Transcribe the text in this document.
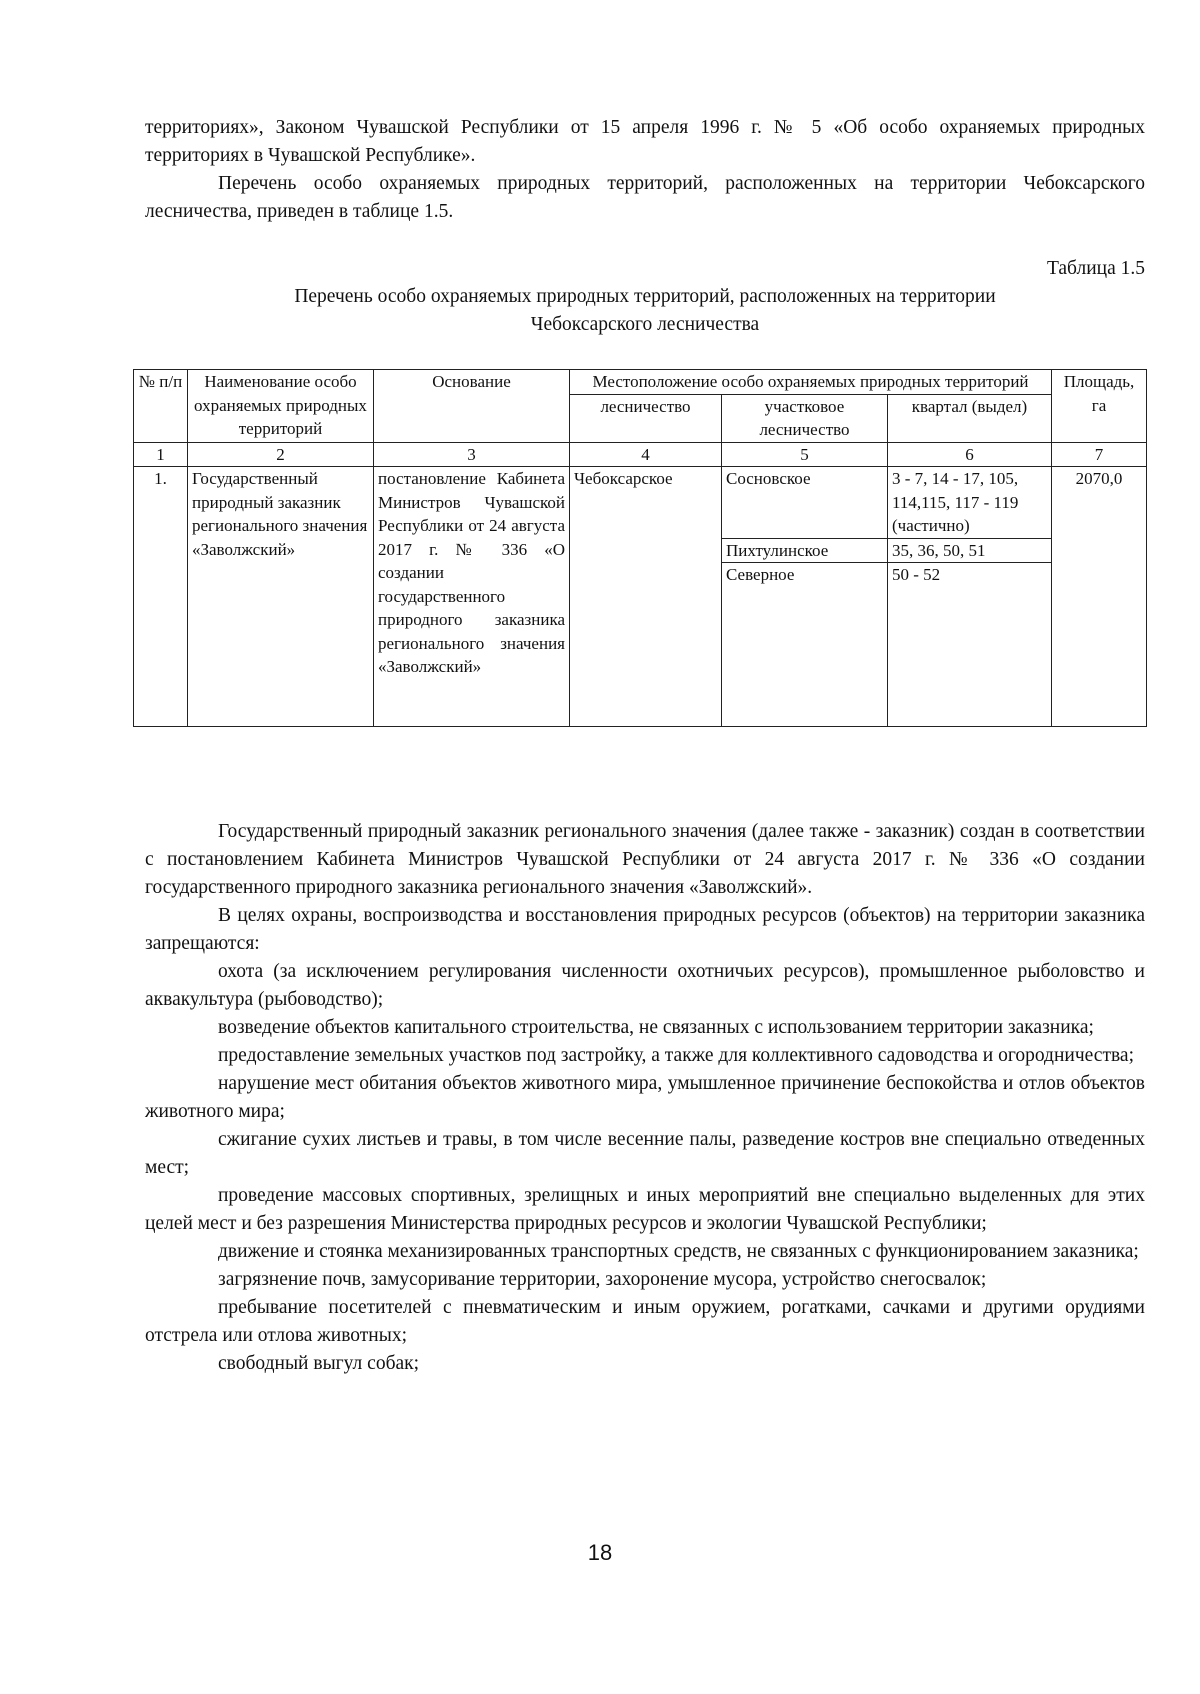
территориях», Законом Чувашской Республики от 15 апреля 1996 г. № 5 «Об особо охраняемых природных территориях в Чувашской Республике».

Перечень особо охраняемых природных территорий, расположенных на территории Чебоксарского лесничества, приведен в таблице 1.5.

Таблица 1.5

Перечень особо охраняемых природных территорий, расположенных на территории

Чебоксарского лесничества

№ п/п	Наименование особо охраняемых природных территорий	Основание	Местоположение особо охраняемых природных территорий			Площадь, га
			лесничество	участковое лесничество	квартал (выдел)	
1	2	3	4	5	6	7
1.	Государственный природный заказник регионального значения «Заволжский»	постановление Кабинета Министров Чувашской Республики от 24 августа 2017 г. № 336 «О создании государственного природного заказника регионального значения «Заволжский»	Чебоксарское	Сосновское	3 - 7, 14 - 17, 105, 114,115, 117 - 119 (частично)	2070,0
				Пихтулинское	35, 36, 50, 51	
				Северное	50 - 52	

Государственный природный заказник регионального значения (далее также - заказник) создан в соответствии с постановлением Кабинета Министров Чувашской Республики от 24 августа 2017 г. № 336 «О создании государственного природного заказника регионального значения «Заволжский».

В целях охраны, воспроизводства и восстановления природных ресурсов (объектов) на территории заказника запрещаются:

охота (за исключением регулирования численности охотничьих ресурсов), промышленное рыболовство и аквакультура (рыбоводство);

возведение объектов капитального строительства, не связанных с использованием территории заказника;

предоставление земельных участков под застройку, а также для коллективного садоводства и огородничества;

нарушение мест обитания объектов животного мира, умышленное причинение беспокойства и отлов объектов животного мира;

сжигание сухих листьев и травы, в том числе весенние палы, разведение костров вне специально отведенных мест;

проведение массовых спортивных, зрелищных и иных мероприятий вне специально выделенных для этих целей мест и без разрешения Министерства природных ресурсов и экологии Чувашской Республики;

движение и стоянка механизированных транспортных средств, не связанных с функционированием заказника;

загрязнение почв, замусоривание территории, захоронение мусора, устройство снегосвалок;

пребывание посетителей с пневматическим и иным оружием, рогатками, сачками и другими орудиями отстрела или отлова животных;

свободный выгул собак;

18
